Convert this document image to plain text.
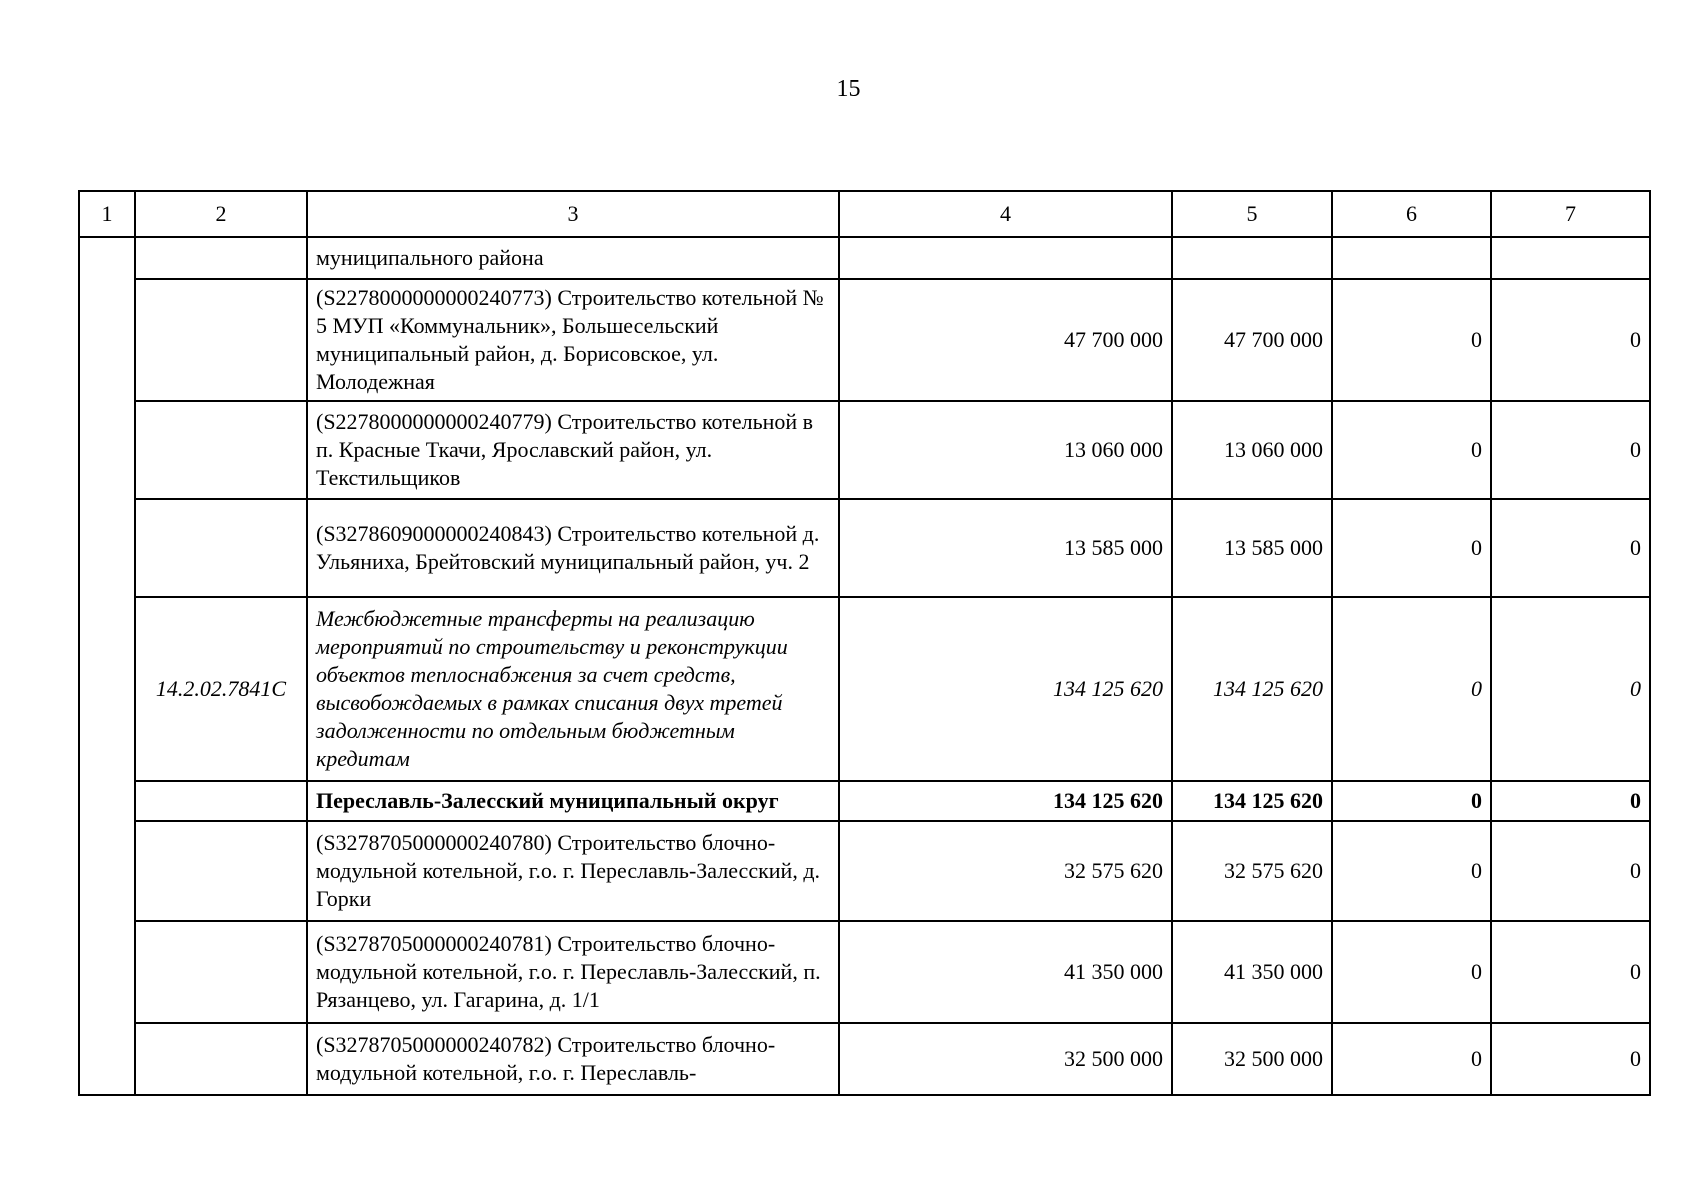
15
1	2	3	4	5	6	7
		муниципального района				
		(S2278000000000240773) Строительство котельной № 5 МУП «Коммунальник», Большесельский муниципальный район, д. Борисовское, ул. Молодежная	47 700 000	47 700 000	0	0
		(S2278000000000240779) Строительство котельной в п. Красные Ткачи, Ярославский район, ул. Текстильщиков	13 060 000	13 060 000	0	0
		(S3278609000000240843) Строительство котельной д. Ульяниха, Брейтовский муниципальный район, уч. 2	13 585 000	13 585 000	0	0
	14.2.02.7841С	Межбюджетные трансферты на реализацию мероприятий по строительству и реконструкции объектов теплоснабжения за счет средств, высвобождаемых в рамках списания двух третей задолженности по отдельным бюджетным кредитам	134 125 620	134 125 620	0	0
		Переславль-Залесский муниципальный округ	134 125 620	134 125 620	0	0
		(S3278705000000240780) Строительство блочно-модульной котельной, г.о. г. Переславль-Залесский, д. Горки	32 575 620	32 575 620	0	0
		(S3278705000000240781) Строительство блочно-модульной котельной, г.о. г. Переславль-Залесский, п. Рязанцево, ул. Гагарина, д. 1/1	41 350 000	41 350 000	0	0
		(S3278705000000240782) Строительство блочно-модульной котельной, г.о. г. Переславль-	32 500 000	32 500 000	0	0
